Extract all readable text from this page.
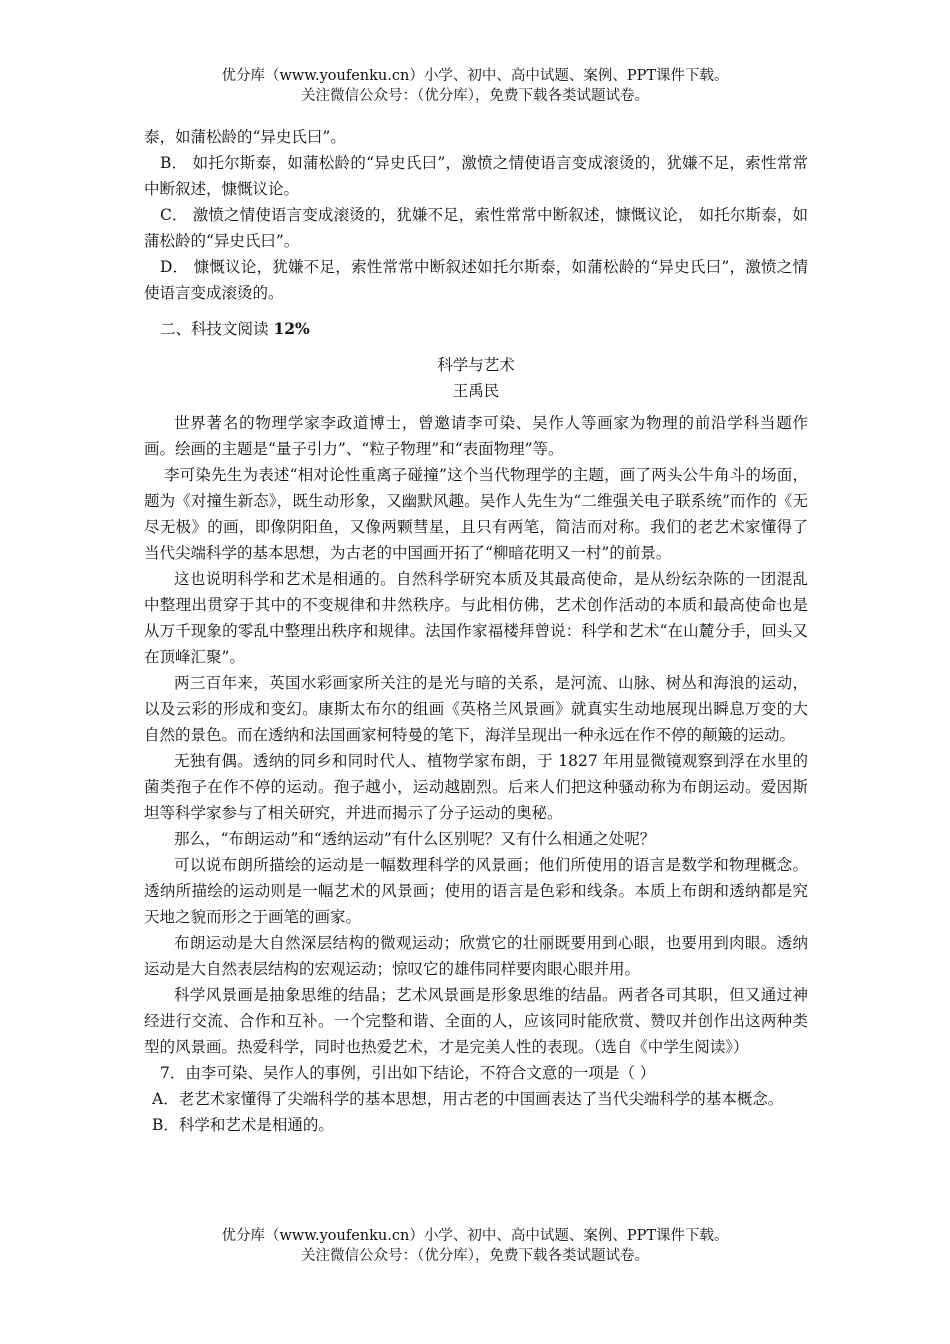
优分库（www.youfenku.cn）小学、初中、高中试题、案例、PPT课件下载。
关注微信公众号：（优分库），免费下载各类试题试卷。

泰，如蒲松龄的“异史氏曰”。

B． 如托尔斯泰，如蒲松龄的“异史氏曰”，激愤之情使语言变成滚烫的，犹嫌不足，索性常常中断叙述，慷慨议论。

C． 激愤之情使语言变成滚烫的，犹嫌不足，索性常常中断叙述，慷慨议论， 如托尔斯泰，如蒲松龄的“异史氏曰”。

D． 慷慨议论，犹嫌不足，索性常常中断叙述如托尔斯泰，如蒲松龄的“异史氏曰”，激愤之情使语言变成滚烫的。

二、科技文阅读 12%

科学与艺术

王禹民

世界著名的物理学家李政道博士，曾邀请李可染、吴作人等画家为物理的前沿学科当题作画。绘画的主题是“量子引力”、“粒子物理”和“表面物理”等。

李可染先生为表述“相对论性重离子碰撞”这个当代物理学的主题，画了两头公牛角斗的场面，题为《对撞生新态》，既生动形象，又幽默风趣。吴作人先生为“二维强关电子联系统”而作的《无尽无极》的画，即像阴阳鱼，又像两颗彗星，且只有两笔，简洁而对称。我们的老艺术家懂得了当代尖端科学的基本思想，为古老的中国画开拓了“柳暗花明又一村”的前景。

这也说明科学和艺术是相通的。自然科学研究本质及其最高使命，是从纷纭杂陈的一团混乱中整理出贯穿于其中的不变规律和井然秩序。与此相仿佛，艺术创作活动的本质和最高使命也是从万千现象的零乱中整理出秩序和规律。法国作家福楼拜曾说：科学和艺术“在山麓分手，回头又在顶峰汇聚”。

两三百年来，英国水彩画家所关注的是光与暗的关系，是河流、山脉、树丛和海浪的运动，以及云彩的形成和变幻。康斯太布尔的组画《英格兰风景画》就真实生动地展现出瞬息万变的大自然的景色。而在透纳和法国画家柯特曼的笔下，海洋呈现出一种永远在作不停的颠簸的运动。

无独有偶。透纳的同乡和同时代人、植物学家布朗，于 1827 年用显微镜观察到浮在水里的菌类孢子在作不停的运动。孢子越小，运动越剧烈。后来人们把这种骚动称为布朗运动。爱因斯坦等科学家参与了相关研究，并进而揭示了分子运动的奥秘。

那么，“布朗运动”和“透纳运动”有什么区别呢？又有什么相通之处呢？

可以说布朗所描绘的运动是一幅数理科学的风景画；他们所使用的语言是数学和物理概念。透纳所描绘的运动则是一幅艺术的风景画；使用的语言是色彩和线条。本质上布朗和透纳都是究天地之貌而形之于画笔的画家。

布朗运动是大自然深层结构的微观运动；欣赏它的壮丽既要用到心眼，也要用到肉眼。透纳运动是大自然表层结构的宏观运动；惊叹它的雄伟同样要肉眼心眼并用。

科学风景画是抽象思维的结晶；艺术风景画是形象思维的结晶。两者各司其职，但又通过神经进行交流、合作和互补。一个完整和谐、全面的人，应该同时能欣赏、赞叹并创作出这两种类型的风景画。热爱科学，同时也热爱艺术，才是完美人性的表现。（选自《中学生阅读》）

7．由李可染、吴作人的事例，引出如下结论，不符合文意的一项是（ ）

A．老艺术家懂得了尖端科学的基本思想，用古老的中国画表达了当代尖端科学的基本概念。

B．科学和艺术是相通的。

优分库（www.youfenku.cn）小学、初中、高中试题、案例、PPT课件下载。
关注微信公众号：（优分库），免费下载各类试题试卷。
